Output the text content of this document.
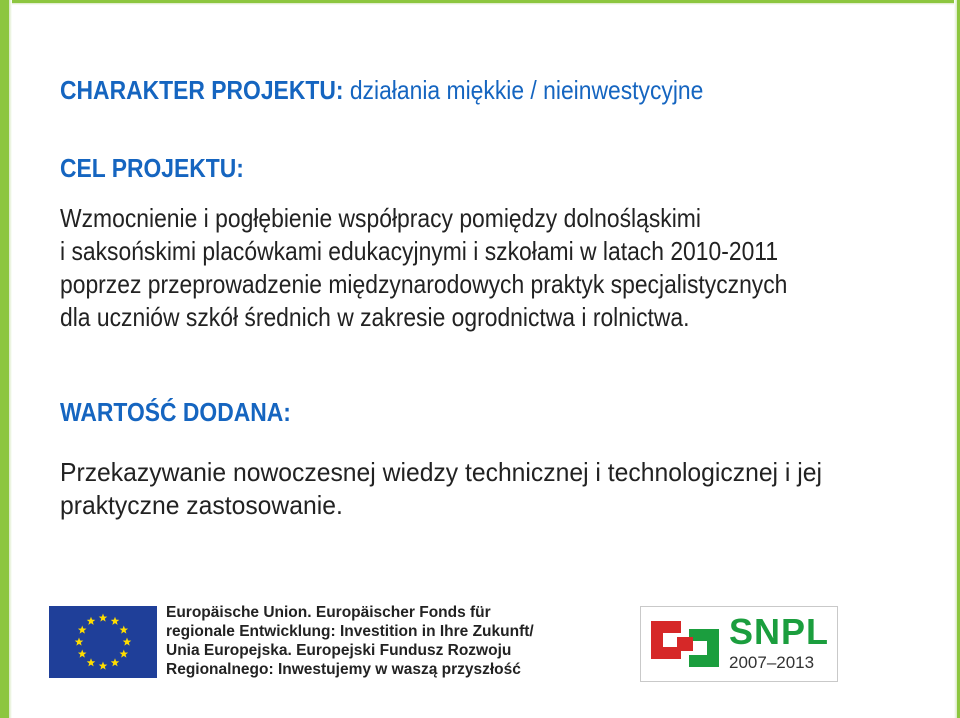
CHARAKTER PROJEKTU: działania miękkie / nieinwestycyjne

CEL PROJEKTU:

Wzmocnienie i pogłębienie współpracy pomiędzy dolnośląskimi

i saksońskimi placówkami edukacyjnymi i szkołami w latach 2010-2011

poprzez przeprowadzenie międzynarodowych praktyk specjalistycznych

dla uczniów szkół średnich w zakresie ogrodnictwa i rolnictwa.

WARTOŚĆ DODANA:

Przekazywanie nowoczesnej wiedzy technicznej i technologicznej i jej

praktyczne zastosowanie.

Europäische Union. Europäischer Fonds für
regionale Entwicklung: Investition in Ihre Zukunft/
Unia Europejska. Europejski Fundusz Rozwoju
Regionalnego: Inwestujemy w waszą przyszłość
SNPL
2007–2013
